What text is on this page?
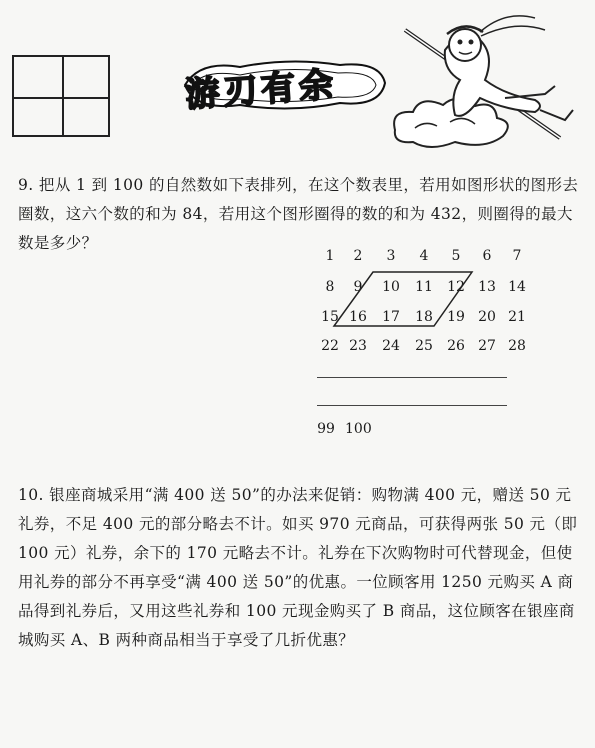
游刃有余
9. 把从 1 到 100 的自然数如下表排列，在这个数表里，若用如图形状的图形去圈数，这六个数的和为 84，若用这个图形圈得的数的和为 432，则圈得的最大数是多少？
1	2	3	4	5	6	7
8	9	10 11 12 13 14
15 16 17 18 19 20 21
22 23 24 25 26 27 28
99 100
10. 银座商城采用“满 400 送 50”的办法来促销：购物满 400 元，赠送 50 元礼券，不足 400 元的部分略去不计。如买 970 元商品，可获得两张 50 元（即 100 元）礼券，余下的 170 元略去不计。礼券在下次购物时可代替现金，但使用礼券的部分不再享受“满 400 送 50”的优惠。一位顾客用 1250 元购买 A 商品得到礼券后，又用这些礼券和 100 元现金购买了 B 商品，这位顾客在银座商城购买 A、B 两种商品相当于享受了几折优惠？
